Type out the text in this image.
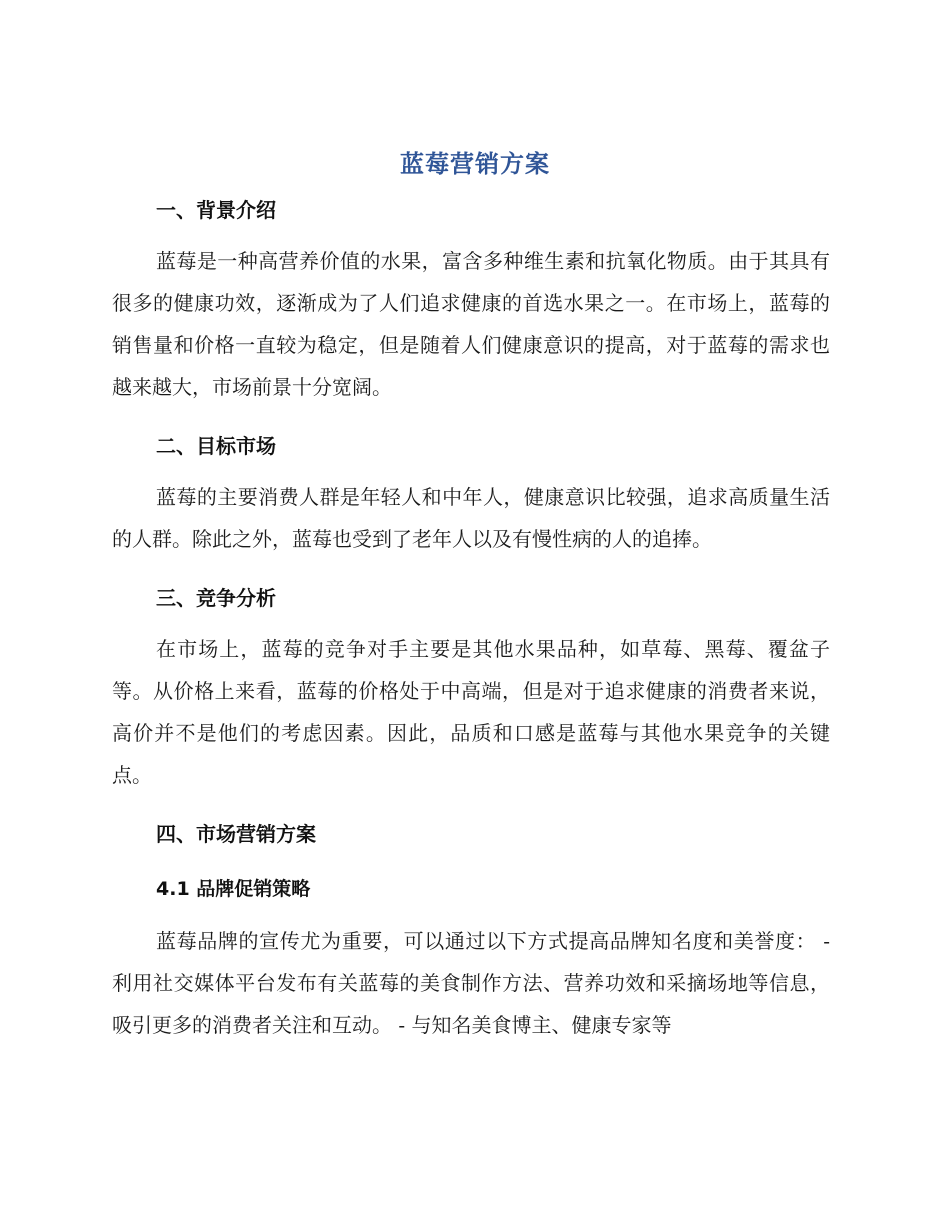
蓝莓营销方案
一、背景介绍

蓝莓是一种高营养价值的水果，富含多种维生素和抗氧化物质。由于其具有很多的健康功效，逐渐成为了人们追求健康的首选水果之一。在市场上，蓝莓的销售量和价格一直较为稳定，但是随着人们健康意识的提高，对于蓝莓的需求也越来越大，市场前景十分宽阔。

二、目标市场

蓝莓的主要消费人群是年轻人和中年人，健康意识比较强，追求高质量生活的人群。除此之外，蓝莓也受到了老年人以及有慢性病的人的追捧。

三、竞争分析

在市场上，蓝莓的竞争对手主要是其他水果品种，如草莓、黑莓、覆盆子等。从价格上来看，蓝莓的价格处于中高端，但是对于追求健康的消费者来说，高价并不是他们的考虑因素。因此，品质和口感是蓝莓与其他水果竞争的关键点。

四、市场营销方案
4.1 品牌促销策略

蓝莓品牌的宣传尤为重要，可以通过以下方式提高品牌知名度和美誉度： - 利用社交媒体平台发布有关蓝莓的美食制作方法、营养功效和采摘场地等信息，吸引更多的消费者关注和互动。 - 与知名美食博主、健康专家等
